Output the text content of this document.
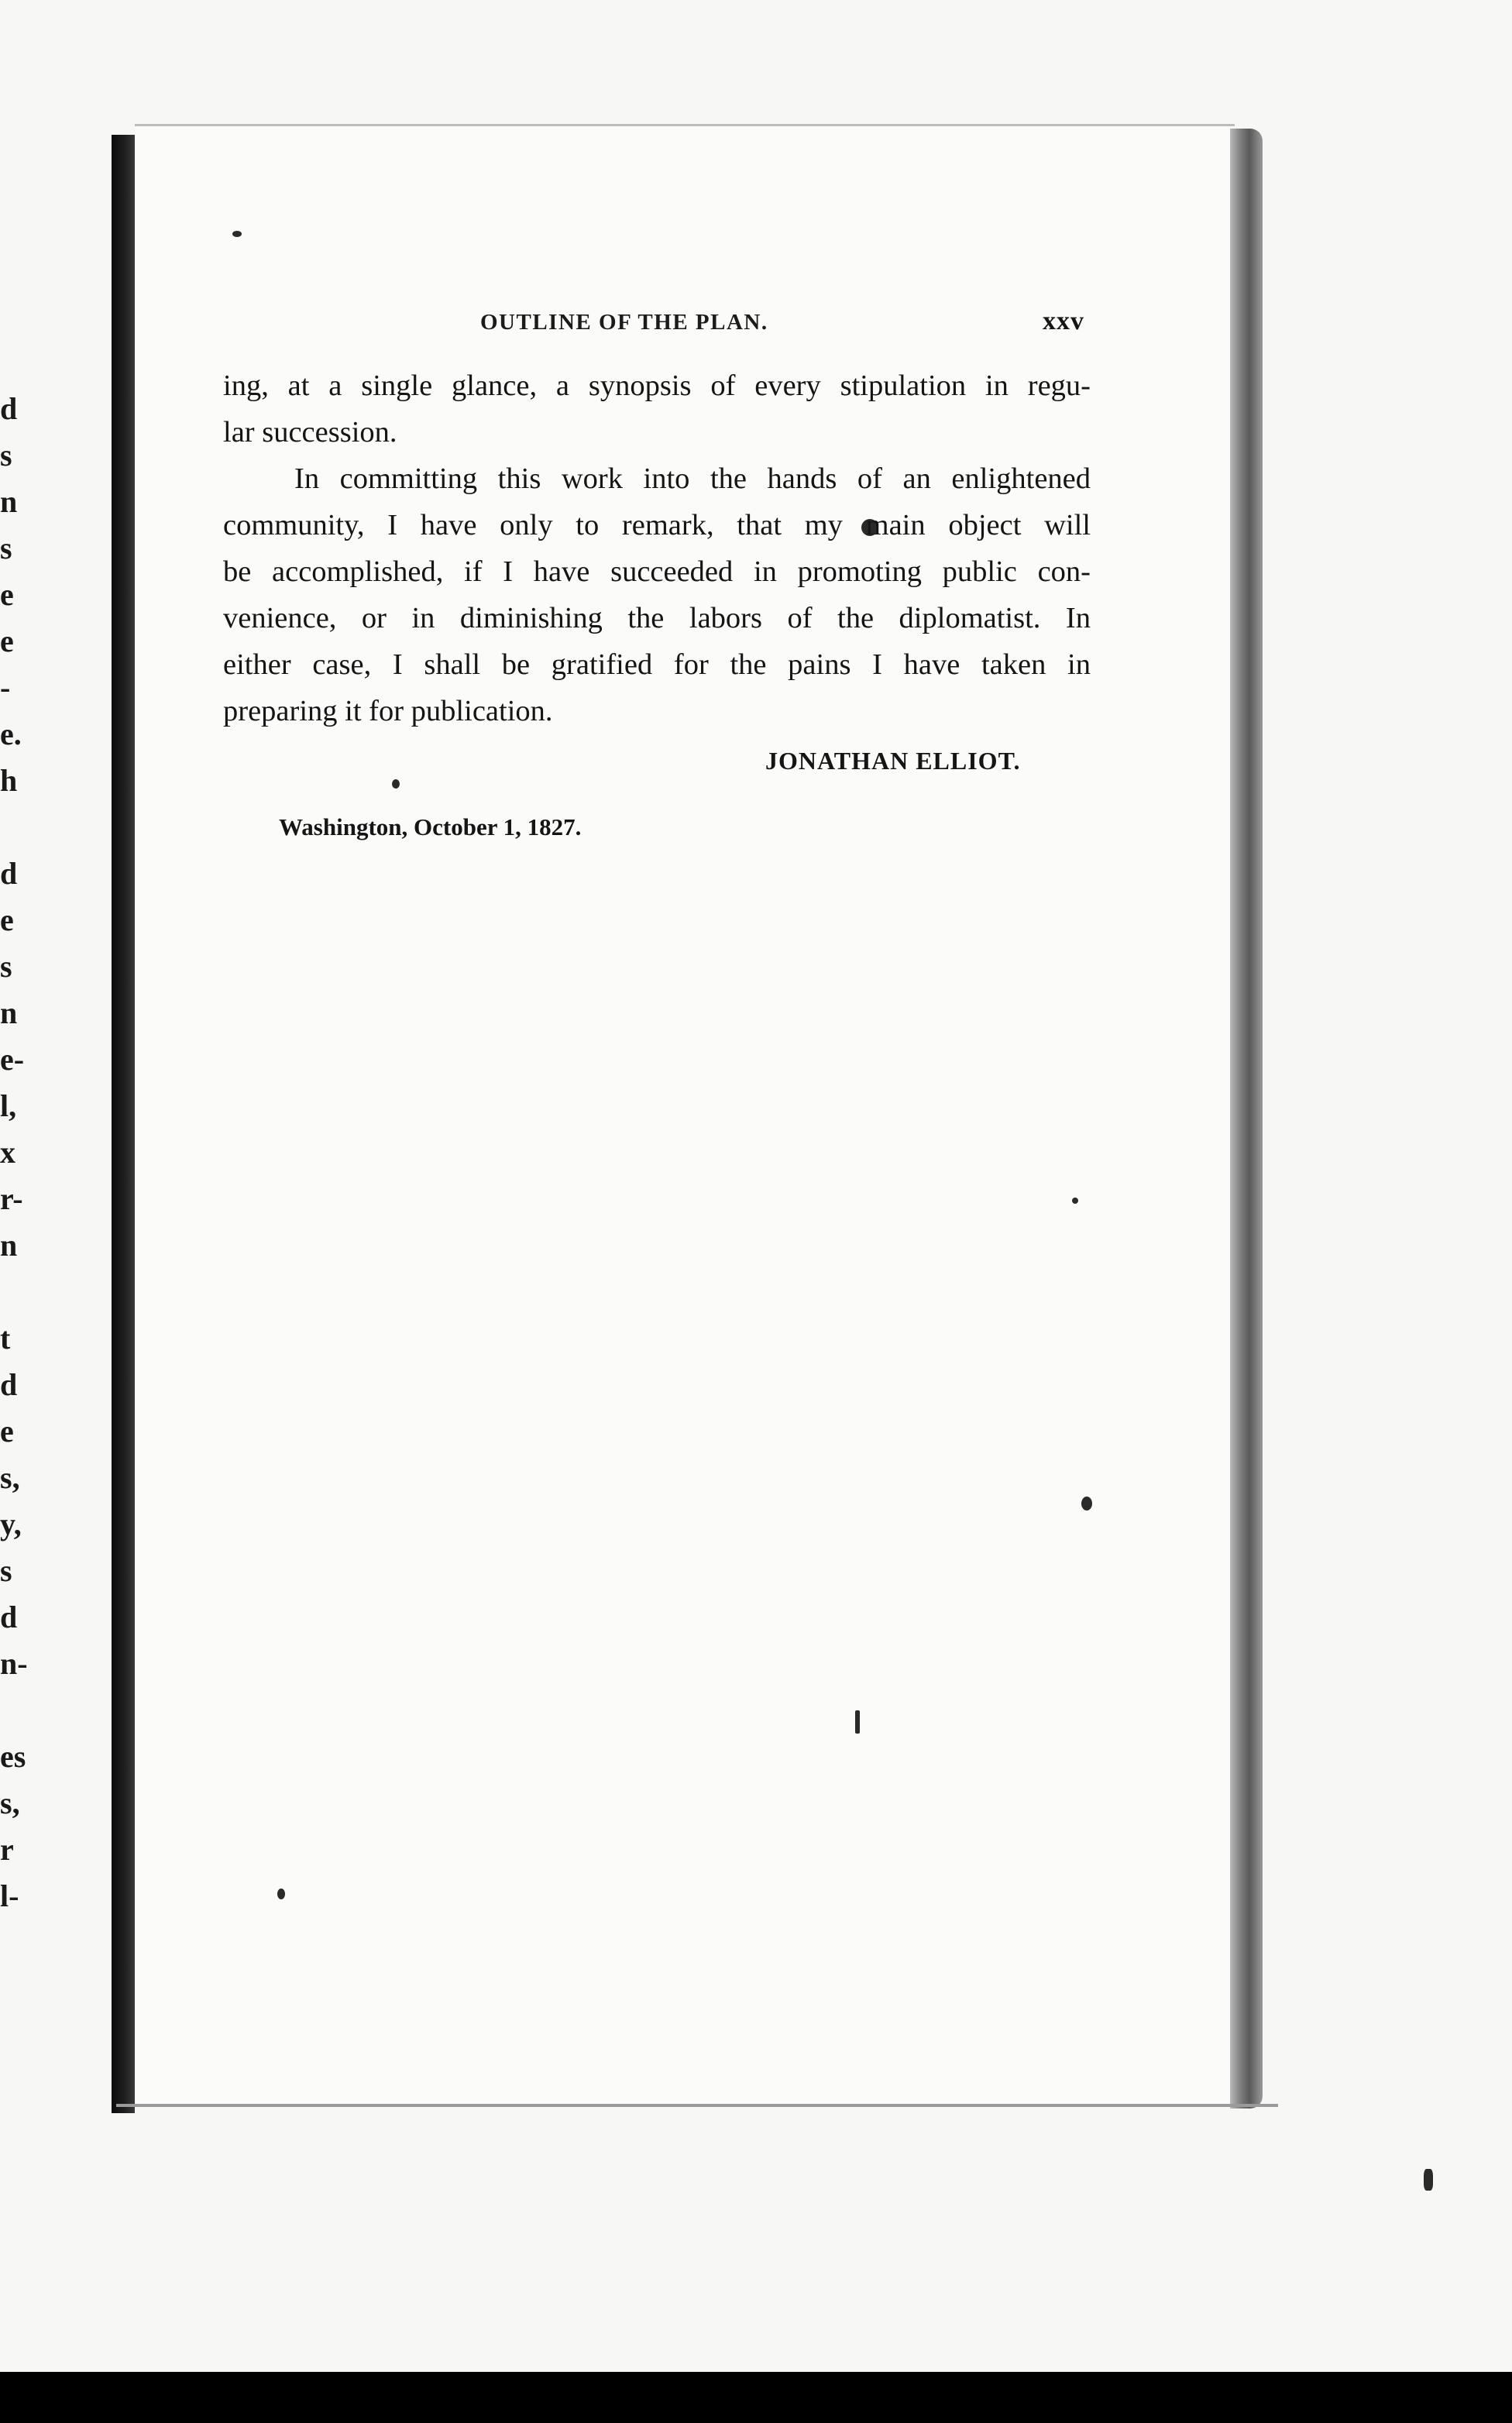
d
s
n
s
e
e
-
e.
h
d
e
s
n
e-
l,
x
r-
n
t
d
e
s,
y,
s
d
n-
es
s,
r
l-
OUTLINE OF THE PLAN.	xxv
ing, at a single glance, a synopsis of every stipulation in regu-
lar succession.
In committing this work into the hands of an enlightened
community, I have only to remark, that my main object will
be accomplished, if I have succeeded in promoting public con-
venience, or in diminishing the labors of the diplomatist. In
either case, I shall be gratified for the pains I have taken in
preparing it for publication.
JONATHAN ELLIOT.
Washington, October 1, 1827.
